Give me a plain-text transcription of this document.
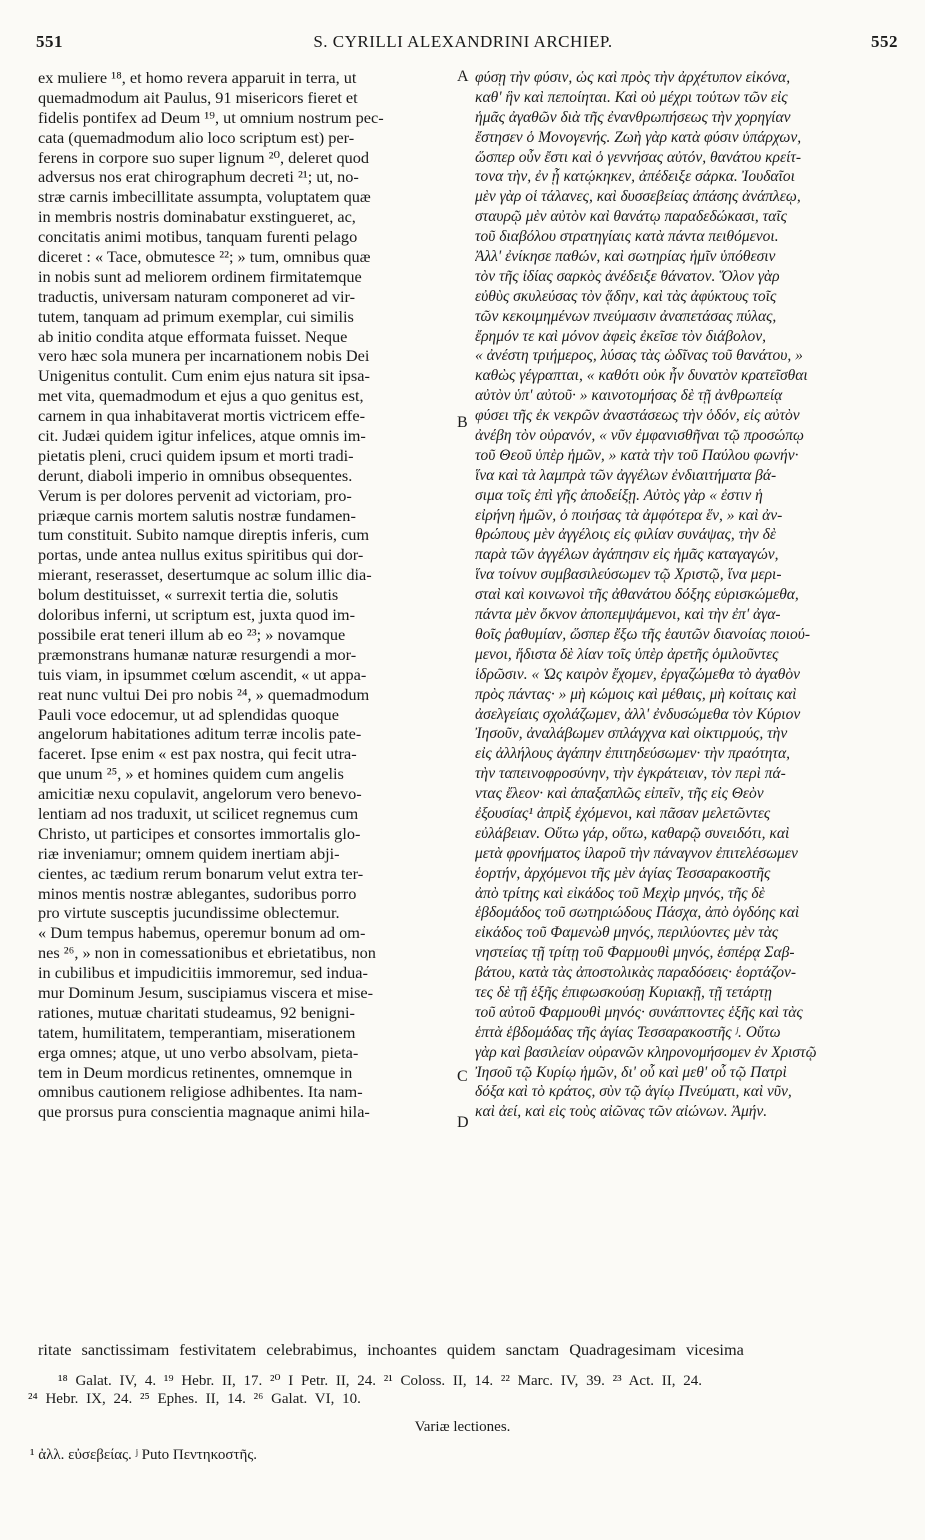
551	S. CYRILLI ALEXANDRINI ARCHIEP.	552
ex muliere ¹⁸, et homo revera apparuit in terra, ut
quemadmodum ait Paulus, 91 misericors fieret et
fidelis pontifex ad Deum ¹⁹, ut omnium nostrum pec-
cata (quemadmodum alio loco scriptum est) per-
ferens in corpore suo super lignum ²⁰, deleret quod
adversus nos erat chirographum decreti ²¹; ut, no-
stræ carnis imbecillitate assumpta, voluptatem quæ
in membris nostris dominabatur exstingueret, ac,
concitatis animi motibus, tanquam furenti pelago
diceret : « Tace, obmutesce ²²; » tum, omnibus quæ
in nobis sunt ad meliorem ordinem firmitatemque
traductis, universam naturam componeret ad vir-
tutem, tanquam ad primum exemplar, cui similis
ab initio condita atque efformata fuisset. Neque
vero hæc sola munera per incarnationem nobis Dei
Unigenitus contulit. Cum enim ejus natura sit ipsa-
met vita, quemadmodum et ejus a quo genitus est,
carnem in qua inhabitaverat mortis victricem effe-
cit. Judæi quidem igitur infelices, atque omnis im-
pietatis pleni, cruci quidem ipsum et morti tradi-
derunt, diaboli imperio in omnibus obsequentes.
Verum is per dolores pervenit ad victoriam, pro-
priæque carnis mortem salutis nostræ fundamen-
tum constituit. Subito namque direptis inferis, cum
portas, unde antea nullus exitus spiritibus qui dor-
mierant, reserasset, desertumque ac solum illic dia-
bolum destituisset, « surrexit tertia die, solutis
doloribus inferni, ut scriptum est, juxta quod im-
possibile erat teneri illum ab eo ²³; » novamque
præmonstrans humanæ naturæ resurgendi a mor-
tuis viam, in ipsummet cœlum ascendit, « ut appa-
reat nunc vultui Dei pro nobis ²⁴, » quemadmodum
Pauli voce edocemur, ut ad splendidas quoque
angelorum habitationes aditum terræ incolis pate-
faceret. Ipse enim « est pax nostra, qui fecit utra-
que unum ²⁵, » et homines quidem cum angelis
amicitiæ nexu copulavit, angelorum vero benevo-
lentiam ad nos traduxit, ut scilicet regnemus cum
Christo, ut participes et consortes immortalis glo-
riæ inveniamur; omnem quidem inertiam abji-
cientes, ac tædium rerum bonarum velut extra ter-
minos mentis nostræ ablegantes, sudoribus porro
pro virtute susceptis jucundissime oblectemur.
« Dum tempus habemus, operemur bonum ad om-
nes ²⁶, » non in comessationibus et ebrietatibus, non
in cubilibus et impudicitiis immoremur, sed indua-
mur Dominum Jesum, suscipiamus viscera et mise-
rationes, mutuæ charitati studeamus, 92 benigni-
tatem, humilitatem, temperantiam, miserationem
erga omnes; atque, ut uno verbo absolvam, pieta-
tem in Deum mordicus retinentes, omnemque in
omnibus cautionem religiose adhibentes. Ita nam-
que prorsus pura conscientia magnaque animi hila-
φύσῃ τὴν φύσιν, ὡς καὶ πρὸς τὴν ἀρχέτυπον εἰκόνα,
καθ' ἣν καὶ πεποίηται. Καὶ οὐ μέχρι τούτων τῶν εἰς
ἡμᾶς ἀγαθῶν διὰ τῆς ἐνανθρωπήσεως τὴν χορηγίαν
ἔστησεν ὁ Μονογενής. Ζωὴ γὰρ κατὰ φύσιν ὑπάρχων,
ὥσπερ οὖν ἔστι καὶ ὁ γεννήσας αὐτόν, θανάτου κρείτ-
τονα τὴν, ἐν ᾗ κατῴκηκεν, ἀπέδειξε σάρκα. Ἰουδαῖοι
μὲν γὰρ οἱ τάλανες, καὶ δυσσεβείας ἁπάσης ἀνάπλεῳ,
σταυρῷ μὲν αὐτὸν καὶ θανάτῳ παραδεδώκασι, ταῖς
τοῦ διαβόλου στρατηγίαις κατὰ πάντα πειθόμενοι.
Ἀλλ' ἐνίκησε παθών, καὶ σωτηρίας ἡμῖν ὑπόθεσιν
τὸν τῆς ἰδίας σαρκὸς ἀνέδειξε θάνατον. Ὅλον γὰρ
εὐθὺς σκυλεύσας τὸν ᾅδην, καὶ τὰς ἀφύκτους τοῖς
τῶν κεκοιμημένων πνεύμασιν ἀναπετάσας πύλας,
ἔρημόν τε καὶ μόνον ἀφεὶς ἐκεῖσε τὸν διάβολον,
« ἀνέστη τριήμερος, λύσας τὰς ὠδῖνας τοῦ θανάτου, »
καθὼς γέγραπται, « καθότι οὐκ ἦν δυνατὸν κρατεῖσθαι
αὐτὸν ὑπ' αὐτοῦ· » καινοτομήσας δὲ τῇ ἀνθρωπείᾳ
φύσει τῆς ἐκ νεκρῶν ἀναστάσεως τὴν ὁδόν, εἰς αὐτὸν
ἀνέβη τὸν οὐρανόν, « νῦν ἐμφανισθῆναι τῷ προσώπῳ
τοῦ Θεοῦ ὑπὲρ ἡμῶν, » κατὰ τὴν τοῦ Παύλου φωνήν·
ἵνα καὶ τὰ λαμπρὰ τῶν ἀγγέλων ἐνδιαιτήματα βά-
σιμα τοῖς ἐπὶ γῆς ἀποδείξῃ. Αὐτὸς γὰρ « ἐστιν ἡ
εἰρήνη ἡμῶν, ὁ ποιήσας τὰ ἀμφότερα ἕν, » καὶ ἀν-
θρώπους μὲν ἀγγέλοις εἰς φιλίαν συνάψας, τὴν δὲ
παρὰ τῶν ἀγγέλων ἀγάπησιν εἰς ἡμᾶς καταγαγών,
ἵνα τοίνυν συμβασιλεύσωμεν τῷ Χριστῷ, ἵνα μερι-
σταὶ καὶ κοινωνοὶ τῆς ἀθανάτου δόξης εὑρισκώμεθα,
πάντα μὲν ὄκνον ἀποπεμψάμενοι, καὶ τὴν ἐπ' ἀγα-
θοῖς ῥαθυμίαν, ὥσπερ ἔξω τῆς ἑαυτῶν διανοίας ποιού-
μενοι, ἥδιστα δὲ λίαν τοῖς ὑπὲρ ἀρετῆς ὁμιλοῦντες
ἱδρῶσιν. « Ὡς καιρὸν ἔχομεν, ἐργαζώμεθα τὸ ἀγαθὸν
πρὸς πάντας· » μὴ κώμοις καὶ μέθαις, μὴ κοίταις καὶ
ἀσελγείαις σχολάζωμεν, ἀλλ' ἐνδυσώμεθα τὸν Κύριον
Ἰησοῦν, ἀναλάβωμεν σπλάγχνα καὶ οἰκτιρμούς, τὴν
εἰς ἀλλήλους ἀγάπην ἐπιτηδεύσωμεν· τὴν πραότητα,
τὴν ταπεινοφροσύνην, τὴν ἐγκράτειαν, τὸν περὶ πά-
ντας ἔλεον· καὶ ἁπαξαπλῶς εἰπεῖν, τῆς εἰς Θεὸν
ἐξουσίας¹ ἀπρὶξ ἐχόμενοι, καὶ πᾶσαν μελετῶντες
εὐλάβειαν. Οὕτω γάρ, οὕτω, καθαρῷ συνειδότι, καὶ
μετὰ φρονήματος ἱλαροῦ τὴν πάναγνον ἐπιτελέσωμεν
ἑορτήν, ἀρχόμενοι τῆς μὲν ἁγίας Τεσσαρακοστῆς
ἀπὸ τρίτης καὶ εἰκάδος τοῦ Μεχὶρ μηνός, τῆς δὲ
ἑβδομάδος τοῦ σωτηριώδους Πάσχα, ἀπὸ ὀγδόης καὶ
εἰκάδος τοῦ Φαμενὼθ μηνός, περιλύοντες μὲν τὰς
νηστείας τῇ τρίτῃ τοῦ Φαρμουθὶ μηνός, ἑσπέρᾳ Σαβ-
βάτου, κατὰ τὰς ἀποστολικὰς παραδόσεις· ἑορτάζον-
τες δὲ τῇ ἑξῆς ἐπιφωσκούσῃ Κυριακῇ, τῇ τετάρτῃ
τοῦ αὐτοῦ Φαρμουθὶ μηνός· συνάπτοντες ἑξῆς καὶ τὰς
ἑπτὰ ἑβδομάδας τῆς ἁγίας Τεσσαρακοστῆς ʲ. Οὕτω
γὰρ καὶ βασιλείαν οὐρανῶν κληρονομήσομεν ἐν Χριστῷ
Ἰησοῦ τῷ Κυρίῳ ἡμῶν, δι' οὗ καὶ μεθ' οὗ τῷ Πατρὶ
δόξα καὶ τὸ κράτος, σὺν τῷ ἁγίῳ Πνεύματι, καὶ νῦν,
καὶ ἀεί, καὶ εἰς τοὺς αἰῶνας τῶν αἰώνων. Ἀμήν.
A
B
C
D
ritate sanctissimam festivitatem celebrabimus, inchoantes quidem sanctam Quadragesimam vicesima
¹⁸ Galat. IV, 4. ¹⁹ Hebr. II, 17. ²⁰ I Petr. II, 24. ²¹ Coloss. II, 14. ²² Marc. IV, 39. ²³ Act. II, 24.
²⁴ Hebr. IX, 24. ²⁵ Ephes. II, 14. ²⁶ Galat. VI, 10.
Variæ lectiones.
¹ ἀλλ. εὐσεβείας. ʲ Puto Πεντηκοστῆς.
